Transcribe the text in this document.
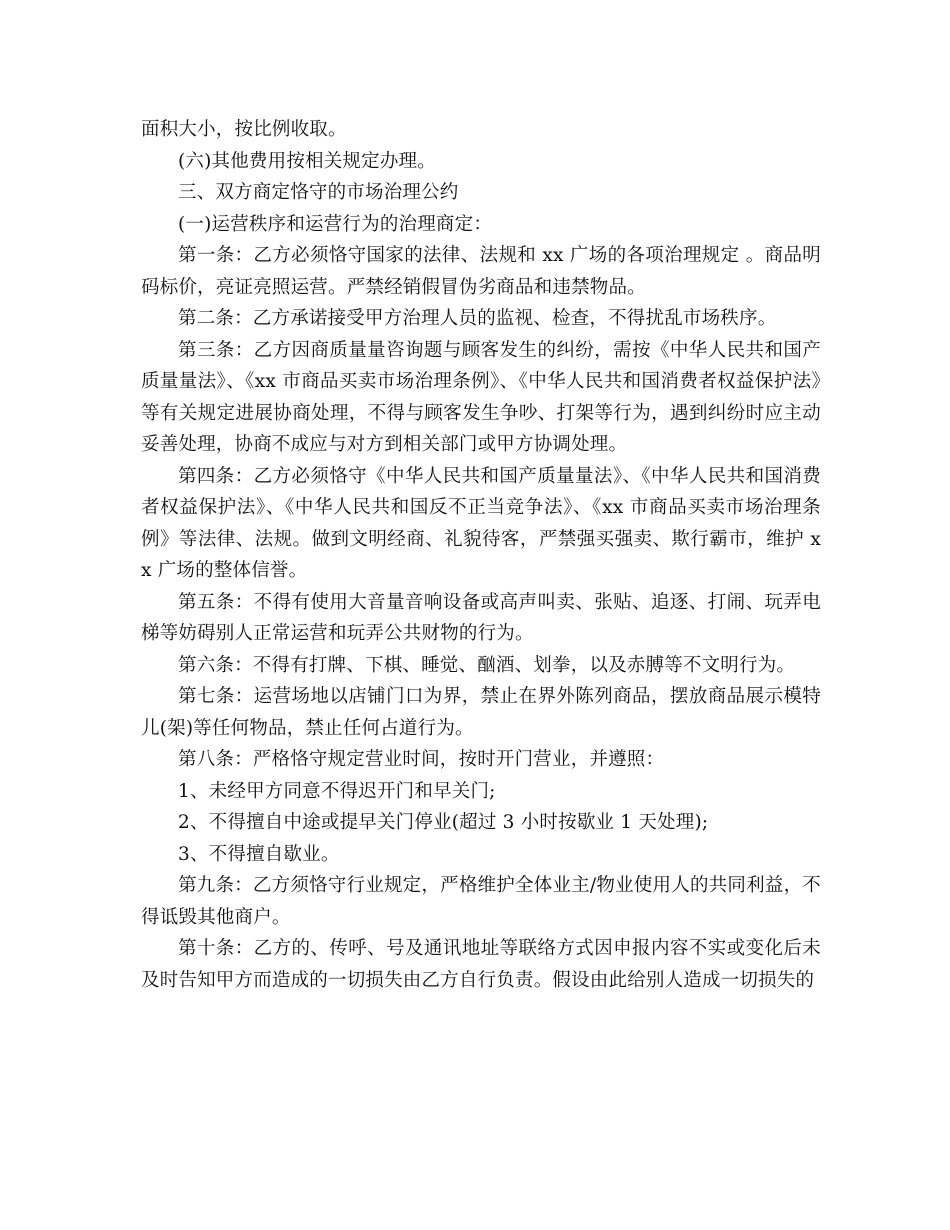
面积大小，按比例收取。

(六)其他费用按相关规定办理。

三、双方商定恪守的市场治理公约

(一)运营秩序和运营行为的治理商定：

第一条：乙方必须恪守国家的法律、法规和 xx 广场的各项治理规定 。商品明码标价，亮证亮照运营。严禁经销假冒伪劣商品和违禁物品。

第二条：乙方承诺接受甲方治理人员的监视、检查，不得扰乱市场秩序。

第三条：乙方因商质量量咨询题与顾客发生的纠纷，需按《中华人民共和国产质量量法》、《xx 市商品买卖市场治理条例》、《中华人民共和国消费者权益保护法》等有关规定进展协商处理，不得与顾客发生争吵、打架等行为，遇到纠纷时应主动妥善处理，协商不成应与对方到相关部门或甲方协调处理。

第四条：乙方必须恪守《中华人民共和国产质量量法》、《中华人民共和国消费者权益保护法》、《中华人民共和国反不正当竞争法》、《xx 市商品买卖市场治理条例》等法律、法规。做到文明经商、礼貌待客，严禁强买强卖、欺行霸市，维护 xx 广场的整体信誉。

第五条：不得有使用大音量音响设备或高声叫卖、张贴、追逐、打闹、玩弄电梯等妨碍别人正常运营和玩弄公共财物的行为。

第六条：不得有打牌、下棋、睡觉、酗酒、划拳，以及赤膊等不文明行为。

第七条：运营场地以店铺门口为界，禁止在界外陈列商品，摆放商品展示模特儿(架)等任何物品，禁止任何占道行为。

第八条：严格恪守规定营业时间，按时开门营业，并遵照：

1、未经甲方同意不得迟开门和早关门;

2、不得擅自中途或提早关门停业(超过 3 小时按歇业 1 天处理);

3、不得擅自歇业。

第九条：乙方须恪守行业规定，严格维护全体业主/物业使用人的共同利益，不得诋毁其他商户。

第十条：乙方的、传呼、号及通讯地址等联络方式因申报内容不实或变化后未及时告知甲方而造成的一切损失由乙方自行负责。假设由此给别人造成一切损失的
